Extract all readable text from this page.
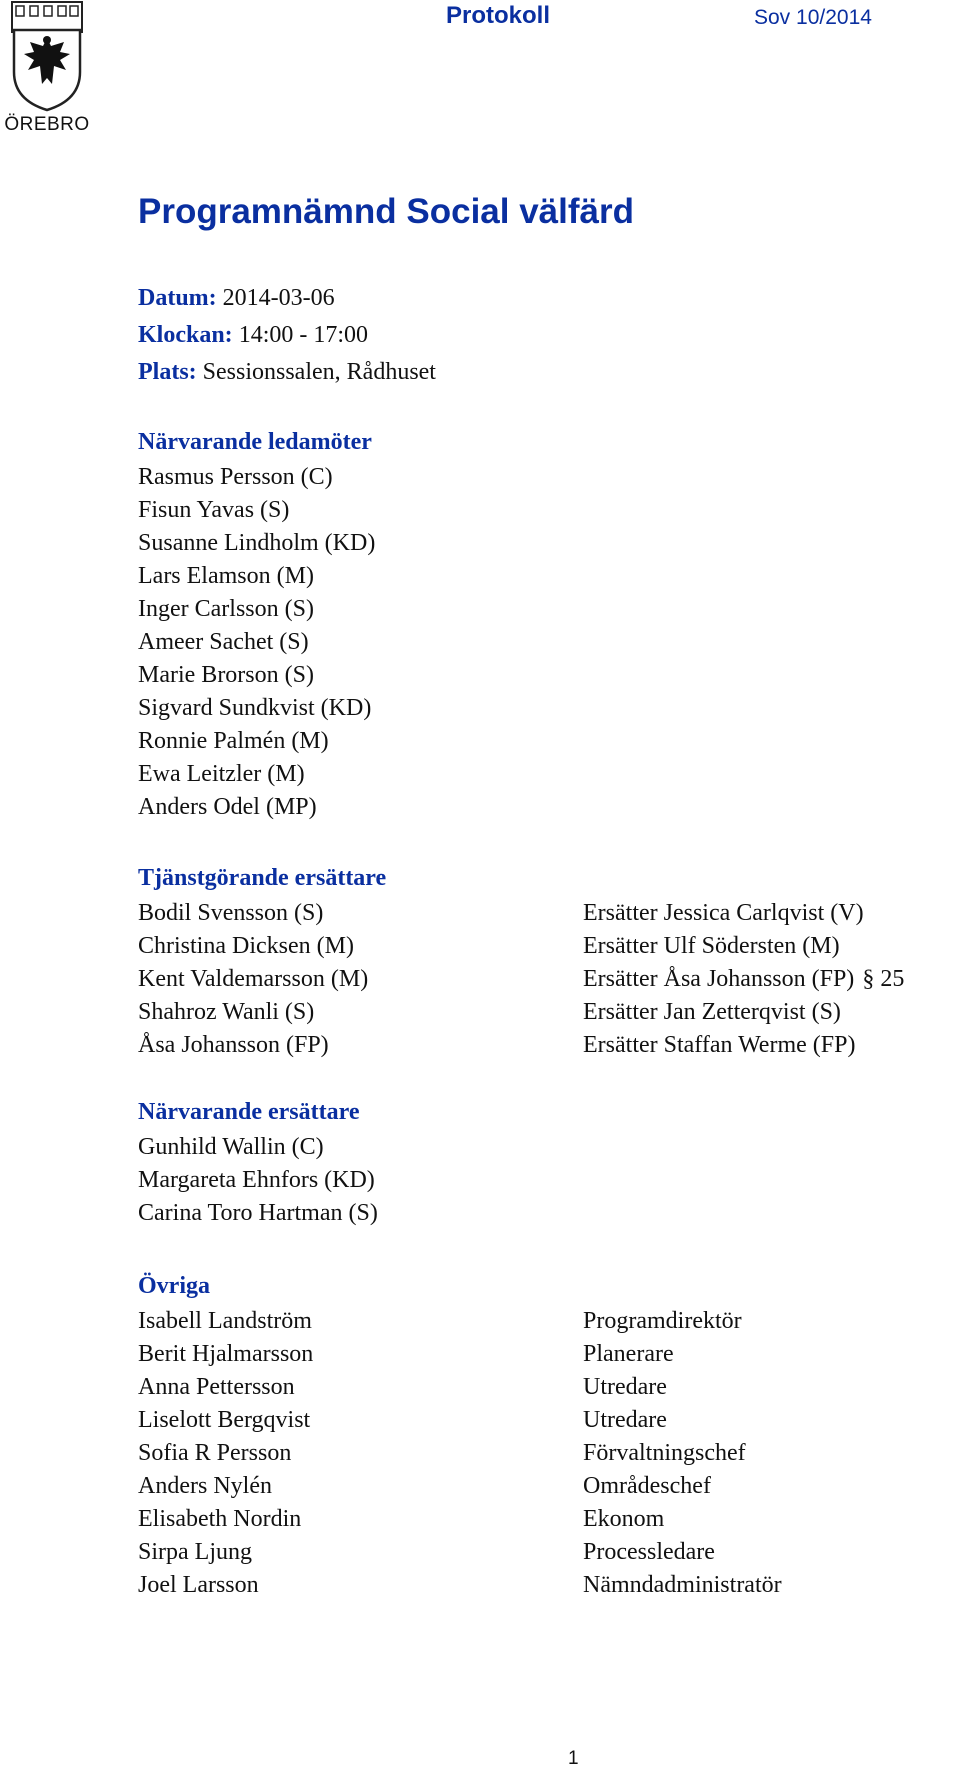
ÖREBRO
Protokoll	Sov 10/2014
Programnämnd Social välfärd
Datum: 2014-03-06
Klockan: 14:00 - 17:00
Plats: Sessionssalen, Rådhuset
Närvarande ledamöter
Rasmus Persson (C)
Fisun Yavas (S)
Susanne Lindholm (KD)
Lars Elamson (M)
Inger Carlsson (S)
Ameer Sachet (S)
Marie Brorson (S)
Sigvard Sundkvist (KD)
Ronnie Palmén (M)
Ewa Leitzler (M)
Anders Odel (MP)
Tjänstgörande ersättare
Bodil Svensson (S)	Ersätter Jessica Carlqvist (V)
Christina Dicksen (M)	Ersätter Ulf Södersten (M)
Kent Valdemarsson (M)	Ersätter Åsa Johansson (FP) § 25
Shahroz Wanli (S)	Ersätter Jan Zetterqvist (S)
Åsa Johansson (FP)	Ersätter Staffan Werme (FP)
Närvarande ersättare
Gunhild Wallin (C)
Margareta Ehnfors (KD)
Carina Toro Hartman (S)
Övriga
Isabell Landström	Programdirektör
Berit Hjalmarsson	Planerare
Anna Pettersson	Utredare
Liselott Bergqvist	Utredare
Sofia R Persson	Förvaltningschef
Anders Nylén	Områdeschef
Elisabeth Nordin	Ekonom
Sirpa Ljung	Processledare
Joel Larsson	Nämndadministratör
1
